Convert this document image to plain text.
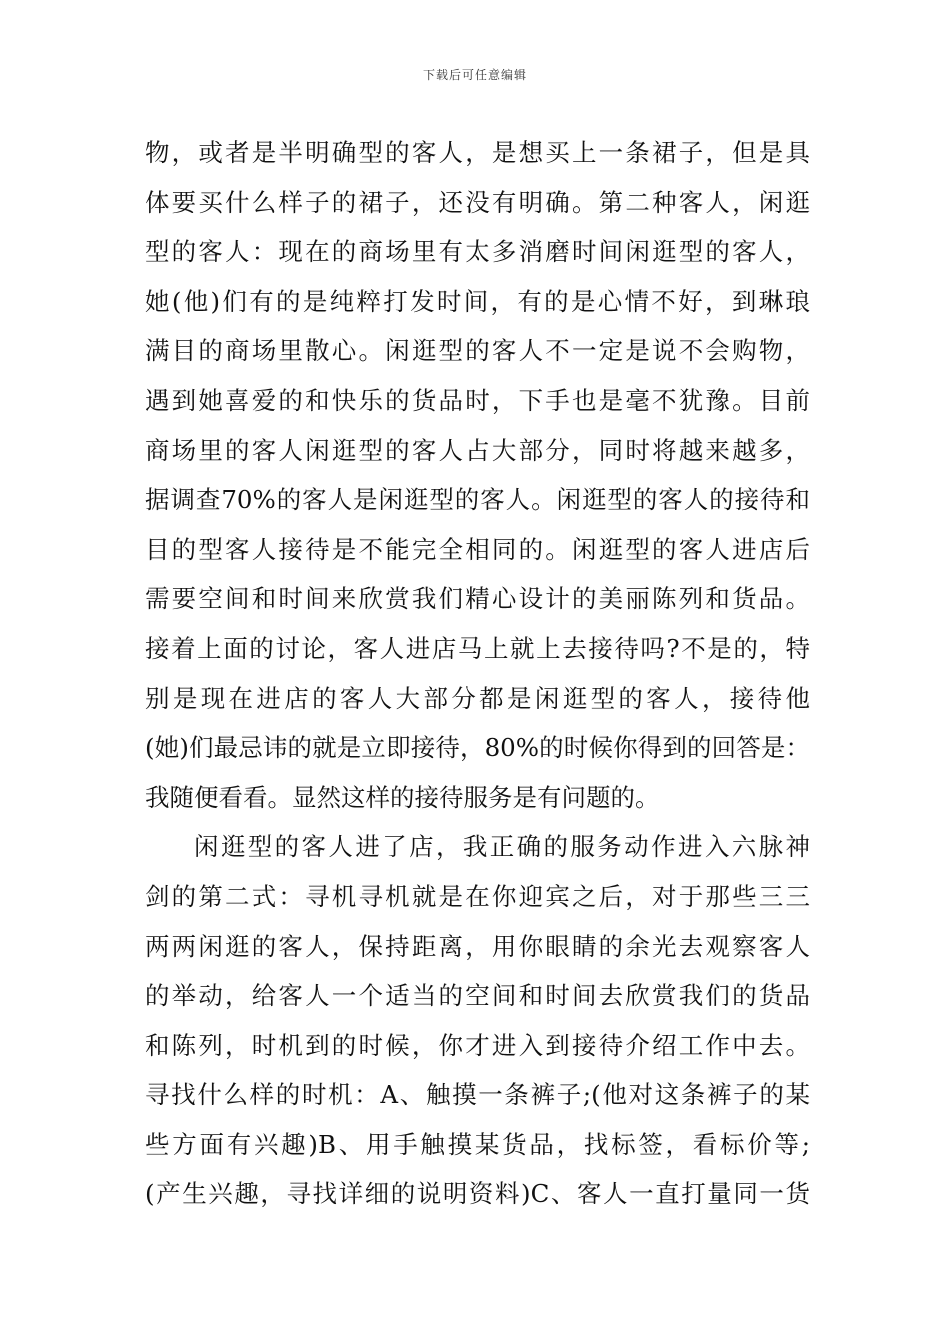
下载后可任意编辑
物，或者是半明确型的客人，是想买上一条裙子，但是具
体要买什么样子的裙子，还没有明确。第二种客人，闲逛
型的客人：现在的商场里有太多消磨时间闲逛型的客人，
她(他)们有的是纯粹打发时间，有的是心情不好，到琳琅
满目的商场里散心。闲逛型的客人不一定是说不会购物，
遇到她喜爱的和快乐的货品时，下手也是毫不犹豫。目前
商场里的客人闲逛型的客人占大部分，同时将越来越多，
据调查70%的客人是闲逛型的客人。闲逛型的客人的接待和
目的型客人接待是不能完全相同的。闲逛型的客人进店后
需要空间和时间来欣赏我们精心设计的美丽陈列和货品。
接着上面的讨论，客人进店马上就上去接待吗?不是的，特
别是现在进店的客人大部分都是闲逛型的客人，接待他
(她)们最忌讳的就是立即接待，80%的时候你得到的回答是：
我随便看看。显然这样的接待服务是有问题的。
闲逛型的客人进了店，我正确的服务动作进入六脉神
剑的第二式：寻机寻机就是在你迎宾之后，对于那些三三
两两闲逛的客人，保持距离，用你眼睛的余光去观察客人
的举动，给客人一个适当的空间和时间去欣赏我们的货品
和陈列，时机到的时候，你才进入到接待介绍工作中去。
寻找什么样的时机：A、触摸一条裤子;(他对这条裤子的某
些方面有兴趣)B、用手触摸某货品，找标签，看标价等;
(产生兴趣，寻找详细的说明资料)C、客人一直打量同一货
